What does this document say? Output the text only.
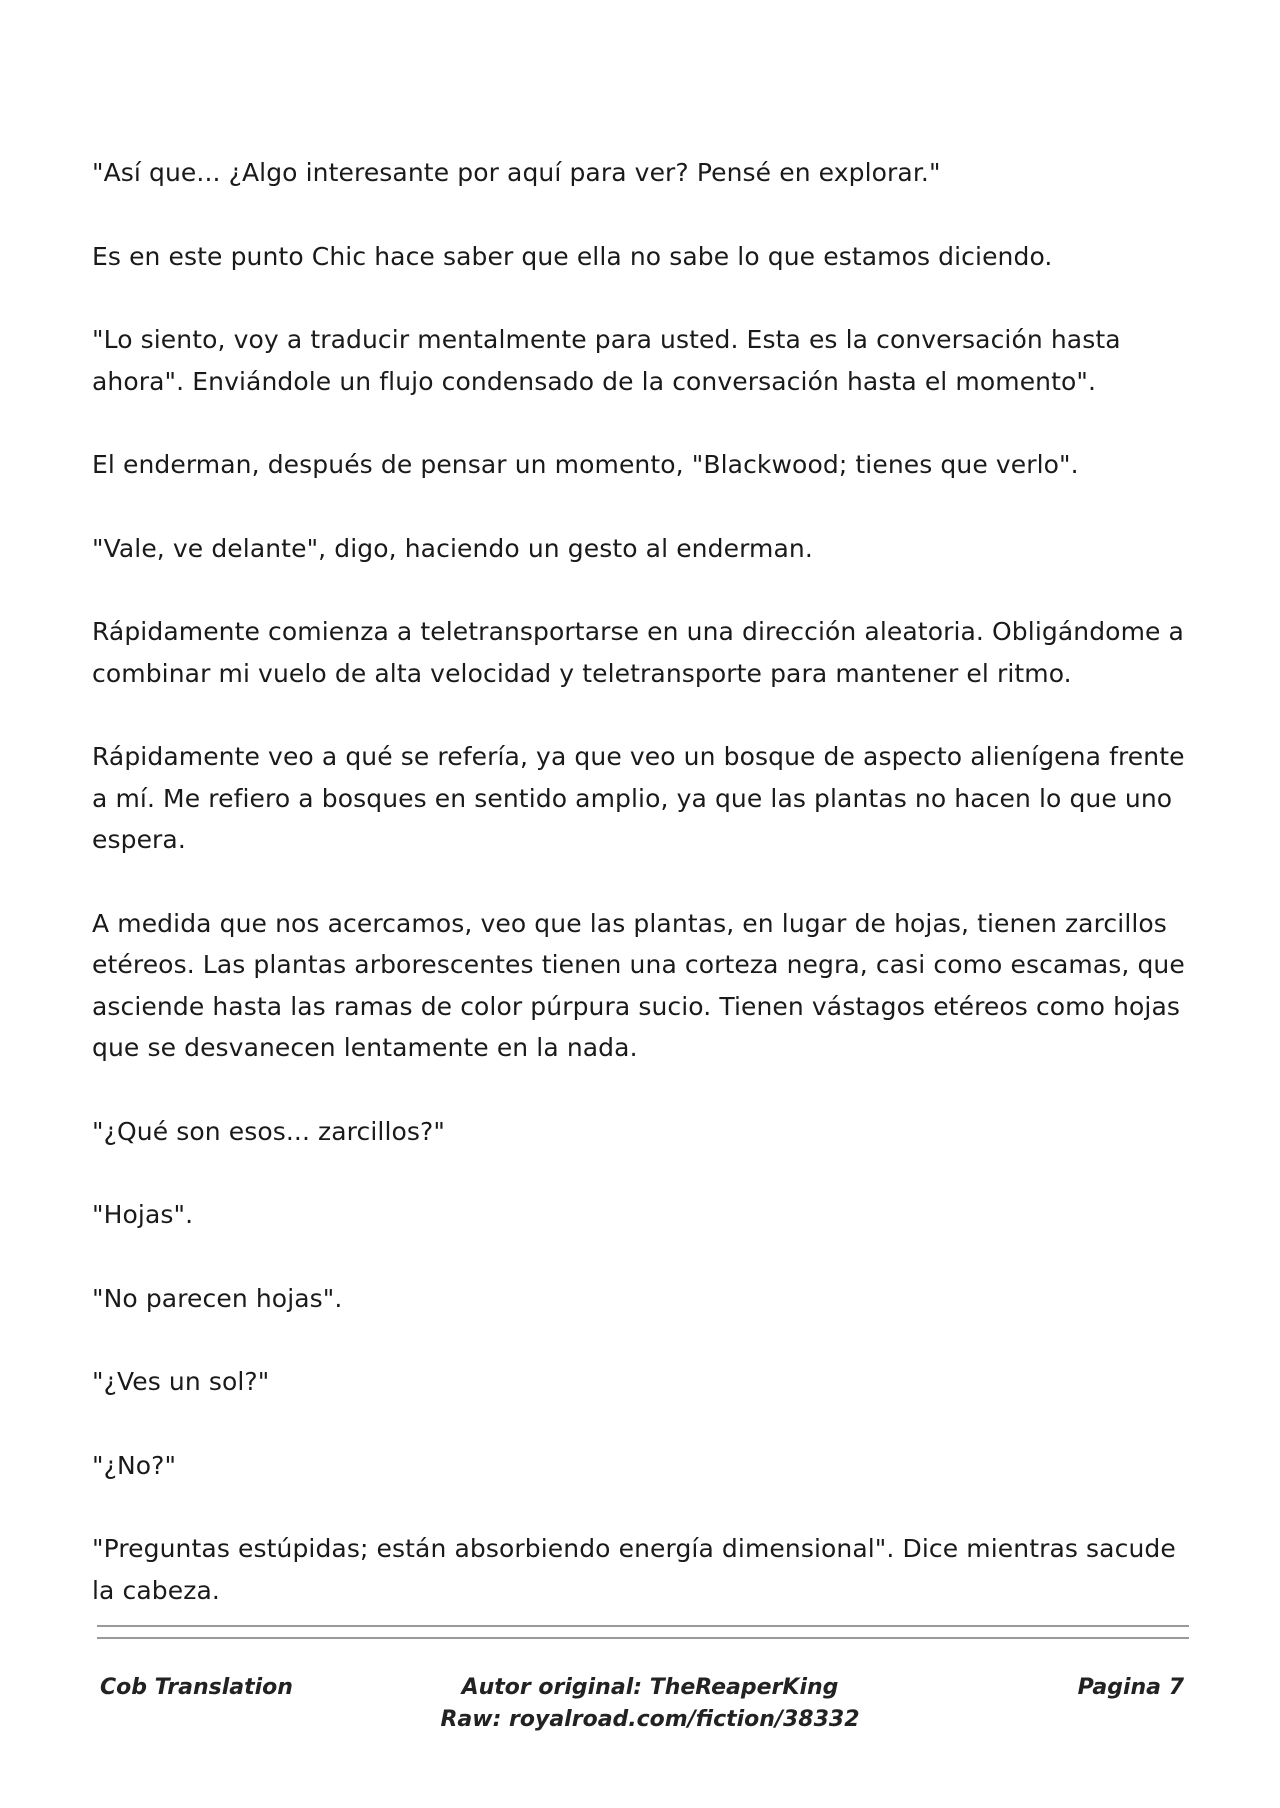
"Así que... ¿Algo interesante por aquí para ver? Pensé en explorar."

Es en este punto Chic hace saber que ella no sabe lo que estamos diciendo.

"Lo siento, voy a traducir mentalmente para usted. Esta es la conversación hasta ahora". Enviándole un flujo condensado de la conversación hasta el momento".

El enderman, después de pensar un momento, "Blackwood; tienes que verlo".

"Vale, ve delante", digo, haciendo un gesto al enderman.

Rápidamente comienza a teletransportarse en una dirección aleatoria. Obligándome a combinar mi vuelo de alta velocidad y teletransporte para mantener el ritmo.

Rápidamente veo a qué se refería, ya que veo un bosque de aspecto alienígena frente a mí. Me refiero a bosques en sentido amplio, ya que las plantas no hacen lo que uno espera.

A medida que nos acercamos, veo que las plantas, en lugar de hojas, tienen zarcillos etéreos. Las plantas arborescentes tienen una corteza negra, casi como escamas, que asciende hasta las ramas de color púrpura sucio. Tienen vástagos etéreos como hojas que se desvanecen lentamente en la nada.

"¿Qué son esos... zarcillos?"

"Hojas".

"No parecen hojas".

"¿Ves un sol?"

"¿No?"

"Preguntas estúpidas; están absorbiendo energía dimensional". Dice mientras sacude la cabeza.

Cob Translation	Autor original: TheReaperKing
Raw: royalroad.com/fiction/38332
Pagina 7
